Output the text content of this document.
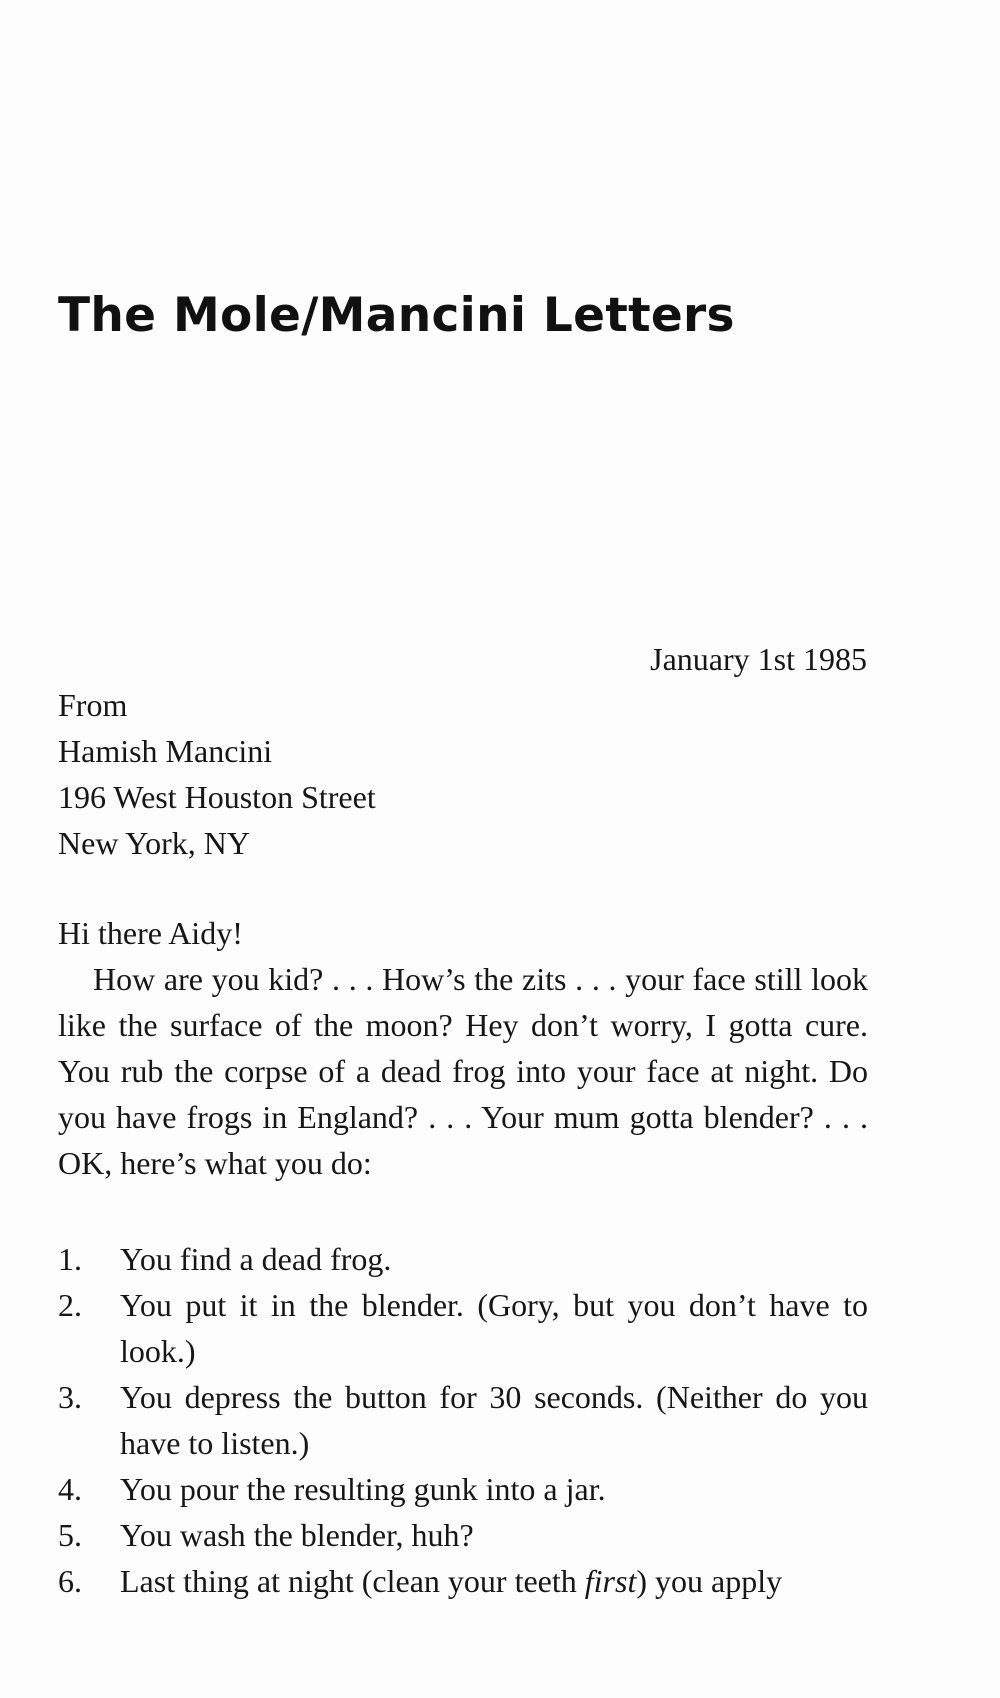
The Mole/Mancini Letters
January 1st 1985
From
Hamish Mancini
196 West Houston Street
New York, NY
Hi there Aidy!

How are you kid? . . . How’s the zits . . . your face still look like the surface of the moon? Hey don’t worry, I gotta cure. You rub the corpse of a dead frog into your face at night. Do you have frogs in England? . . . Your mum gotta blender? . . . OK, here’s what you do:

1. You find a dead frog.
2. You put it in the blender. (Gory, but you don’t have to look.)
3. You depress the button for 30 seconds. (Neither do you have to listen.)
4. You pour the resulting gunk into a jar.
5. You wash the blender, huh?
6. Last thing at night (clean your teeth first) you apply
